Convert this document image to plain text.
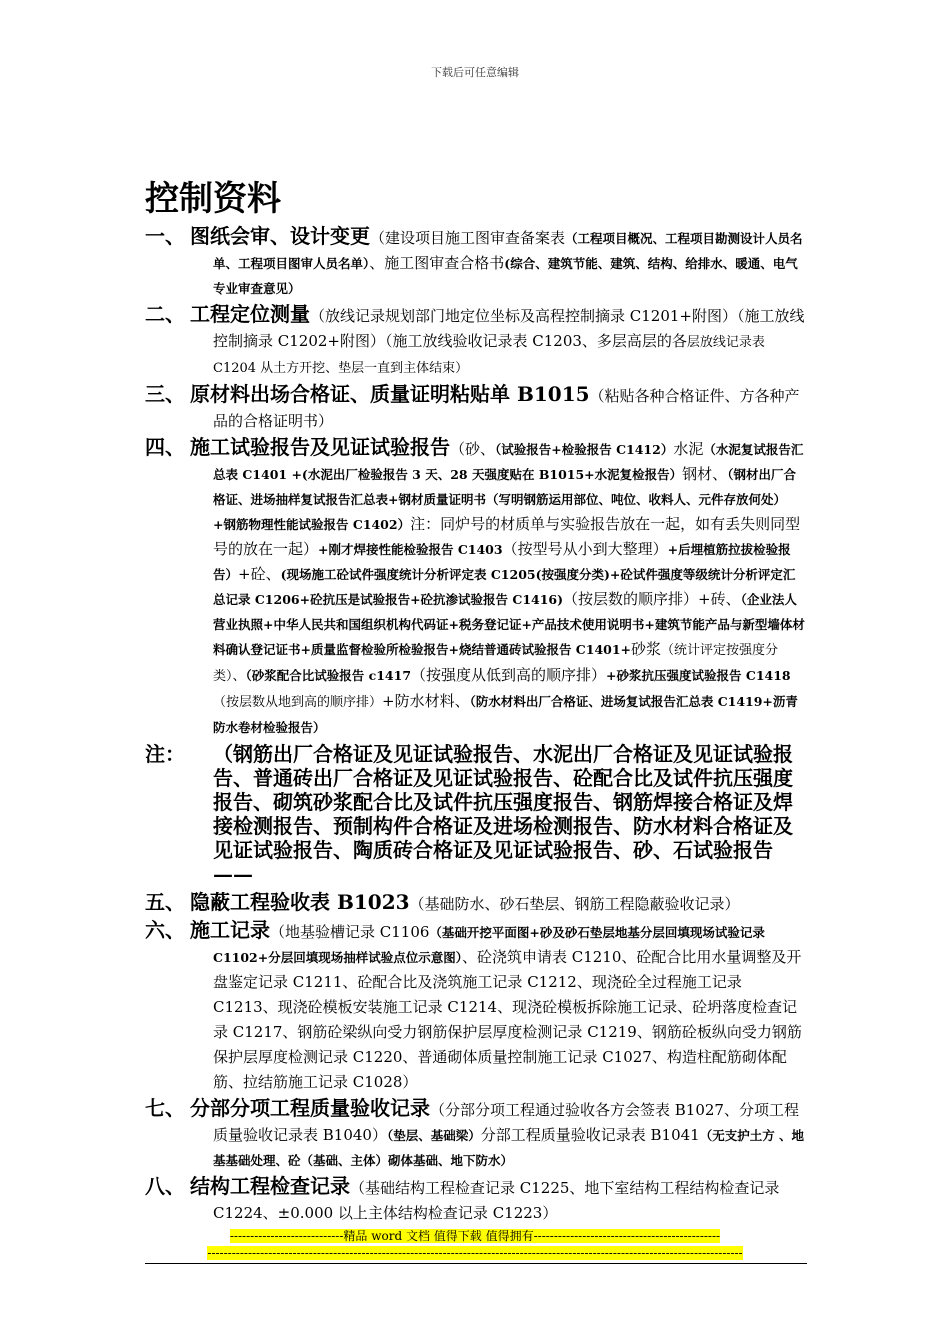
下载后可任意编辑
控制资料
一、 图纸会审、设计变更（建设项目施工图审查备案表（工程项目概况、工程项目勘测设计人员名单、工程项目图审人员名单）、施工图审查合格书(综合、建筑节能、建筑、结构、给排水、暖通、电气专业审查意见）
二、 工程定位测量（放线记录规划部门地定位坐标及高程控制摘录 C1201+附图）（施工放线控制摘录 C1202+附图）（施工放线验收记录表 C1203、多层高层的各层放线记录表 C1204 从土方开挖、垫层一直到主体结束）
三、 原材料出场合格证、质量证明粘贴单 B1015（粘贴各种合格证件、方各种产品的合格证明书）
四、 施工试验报告及见证试验报告（砂、（试验报告+检验报告 C1412）水泥（水泥复试报告汇总表 C1401 +(水泥出厂检验报告 3 天、28 天强度贴在 B1015+水泥复检报告）钢材、（钢材出厂合格证、进场抽样复试报告汇总表+钢材质量证明书（写明钢筋运用部位、吨位、收料人、元件存放何处）+钢筋物理性能试验报告 C1402）注：同炉号的材质单与实验报告放在一起，如有丢失则同型号的放在一起）+刚才焊接性能检验报告 C1403（按型号从小到大整理）+后埋植筋拉拔检验报告）+砼、(现场施工砼试件强度统计分析评定表 C1205(按强度分类)+砼试件强度等级统计分析评定汇总记录 C1206+砼抗压是试验报告+砼抗渗试验报告 C1416)（按层数的顺序排）+砖、（企业法人营业执照+中华人民共和国组织机构代码证+税务登记证+产品技术使用说明书+建筑节能产品与新型墙体材料确认登记证书+质量监督检验所检验报告+烧结普通砖试验报告 C1401+砂浆（统计评定按强度分类）、（砂浆配合比试验报告 c1417（按强度从低到高的顺序排）+砂浆抗压强度试验报告 C1418（按层数从地到高的顺序排）+防水材料、（防水材料出厂合格证、进场复试报告汇总表 C1419+沥青防水卷材检验报告）
注： （钢筋出厂合格证及见证试验报告、水泥出厂合格证及见证试验报告、普通砖出厂合格证及见证试验报告、砼配合比及试件抗压强度报告、砌筑砂浆配合比及试件抗压强度报告、钢筋焊接合格证及焊接检测报告、预制构件合格证及进场检测报告、防水材料合格证及见证试验报告、陶质砖合格证及见证试验报告、砂、石试验报告——
五、 隐蔽工程验收表 B1023（基础防水、砂石垫层、钢筋工程隐蔽验收记录）
六、 施工记录（地基验槽记录 C1106（基础开挖平面图+砂及砂石垫层地基分层回填现场试验记录 C1102+分层回填现场抽样试验点位示意图）、砼浇筑申请表 C1210、砼配合比用水量调整及开盘鉴定记录 C1211、砼配合比及浇筑施工记录 C1212、现浇砼全过程施工记录 C1213、现浇砼模板安装施工记录 C1214、现浇砼模板拆除施工记录、砼坍落度检查记录 C1217、钢筋砼梁纵向受力钢筋保护层厚度检测记录 C1219、钢筋砼板纵向受力钢筋保护层厚度检测记录 C1220、普通砌体质量控制施工记录 C1027、构造柱配筋砌体配筋、拉结筋施工记录 C1028）
七、 分部分项工程质量验收记录（分部分项工程通过验收各方会签表 B1027、分项工程质量验收记录表 B1040）（垫层、基础梁）分部工程质量验收记录表 B1041（无支护土方 、地基基础处理、砼（基础、主体）砌体基础、地下防水）
八、 结构工程检查记录（基础结构工程检查记录 C1225、地下室结构工程结构检查记录 C1224、±0.000 以上主体结构检查记录 C1223）
----------------------------精品 word 文档 值得下载 值得拥有----------------------------------------------
------------------------------------------------------------------------------------------------------------------------------------
